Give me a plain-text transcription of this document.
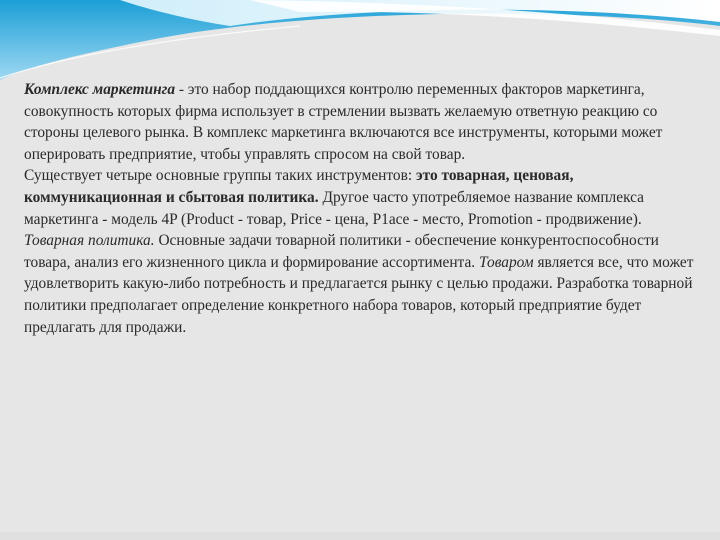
Комплекс маркетинга - это набор поддающихся контролю переменных факторов маркетинга, совокупность которых фирма использует в стремлении вызвать желаемую ответную реакцию со стороны целевого рынка. В комплекс маркетинга включаются все инструменты, которыми может оперировать предприятие, чтобы управлять спросом на свой товар.

Существует четыре основные группы таких инструментов: это товарная, ценовая, коммуникационная и сбытовая политика. Другое часто употребляемое название комплекса маркетинга - модель 4P (Product - товар, Price - цена, P1ace - место, Promotion - продвижение).

Товарная политика. Основные задачи товарной политики - обеспечение конкурентоспособности товара, анализ его жизненного цикла и формирование ассортимента. Товаром является все, что может удовлетворить какую-либо потребность и предлагается рынку с целью продажи. Разработка товарной политики предполагает определение конкретного набора товаров, который предприятие будет предлагать для продажи.
